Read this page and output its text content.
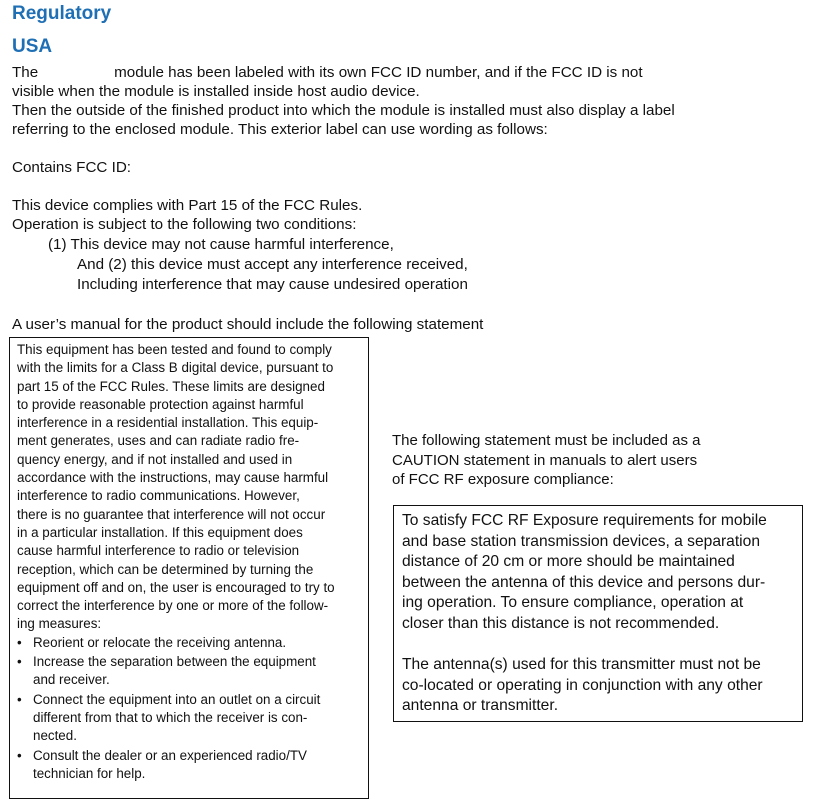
Regulatory
USA
The                  module has been labeled with its own FCC ID number, and if the FCC ID is not
visible when the module is installed inside host audio device.
Then the outside of the finished product into which the module is installed must also display a label
referring to the enclosed module. This exterior label can use wording as follows:
Contains FCC ID:
This device complies with Part 15 of the FCC Rules.
Operation is subject to the following two conditions:
(1) This device may not cause harmful interference,
And (2) this device must accept any interference received,
Including interference that may cause undesired operation
A user’s manual for the product should include the following statement
This equipment has been tested and found to comply
with the limits for a Class B digital device, pursuant to
part 15 of the FCC Rules. These limits are designed
to provide reasonable protection against harmful
interference in a residential installation. This equip-
ment generates, uses and can radiate radio fre-
quency energy, and if not installed and used in
accordance with the instructions, may cause harmful
interference to radio communications. However,
there is no guarantee that interference will not occur
in a particular installation. If this equipment does
cause harmful interference to radio or television
reception, which can be determined by turning the
equipment off and on, the user is encouraged to try to
correct the interference by one or more of the follow-
ing measures:
• Reorient or relocate the receiving antenna.
• Increase the separation between the equipment
and receiver.
• Connect the equipment into an outlet on a circuit
different from that to which the receiver is con-
nected.
• Consult the dealer or an experienced radio/TV
technician for help.
The following statement must be included as a
CAUTION statement in manuals to alert users
of FCC RF exposure compliance:
To satisfy FCC RF Exposure requirements for mobile
and base station transmission devices, a separation
distance of 20 cm or more should be maintained
between the antenna of this device and persons dur-
ing operation. To ensure compliance, operation at
closer than this distance is not recommended.
The antenna(s) used for this transmitter must not be
co-located or operating in conjunction with any other
antenna or transmitter.
